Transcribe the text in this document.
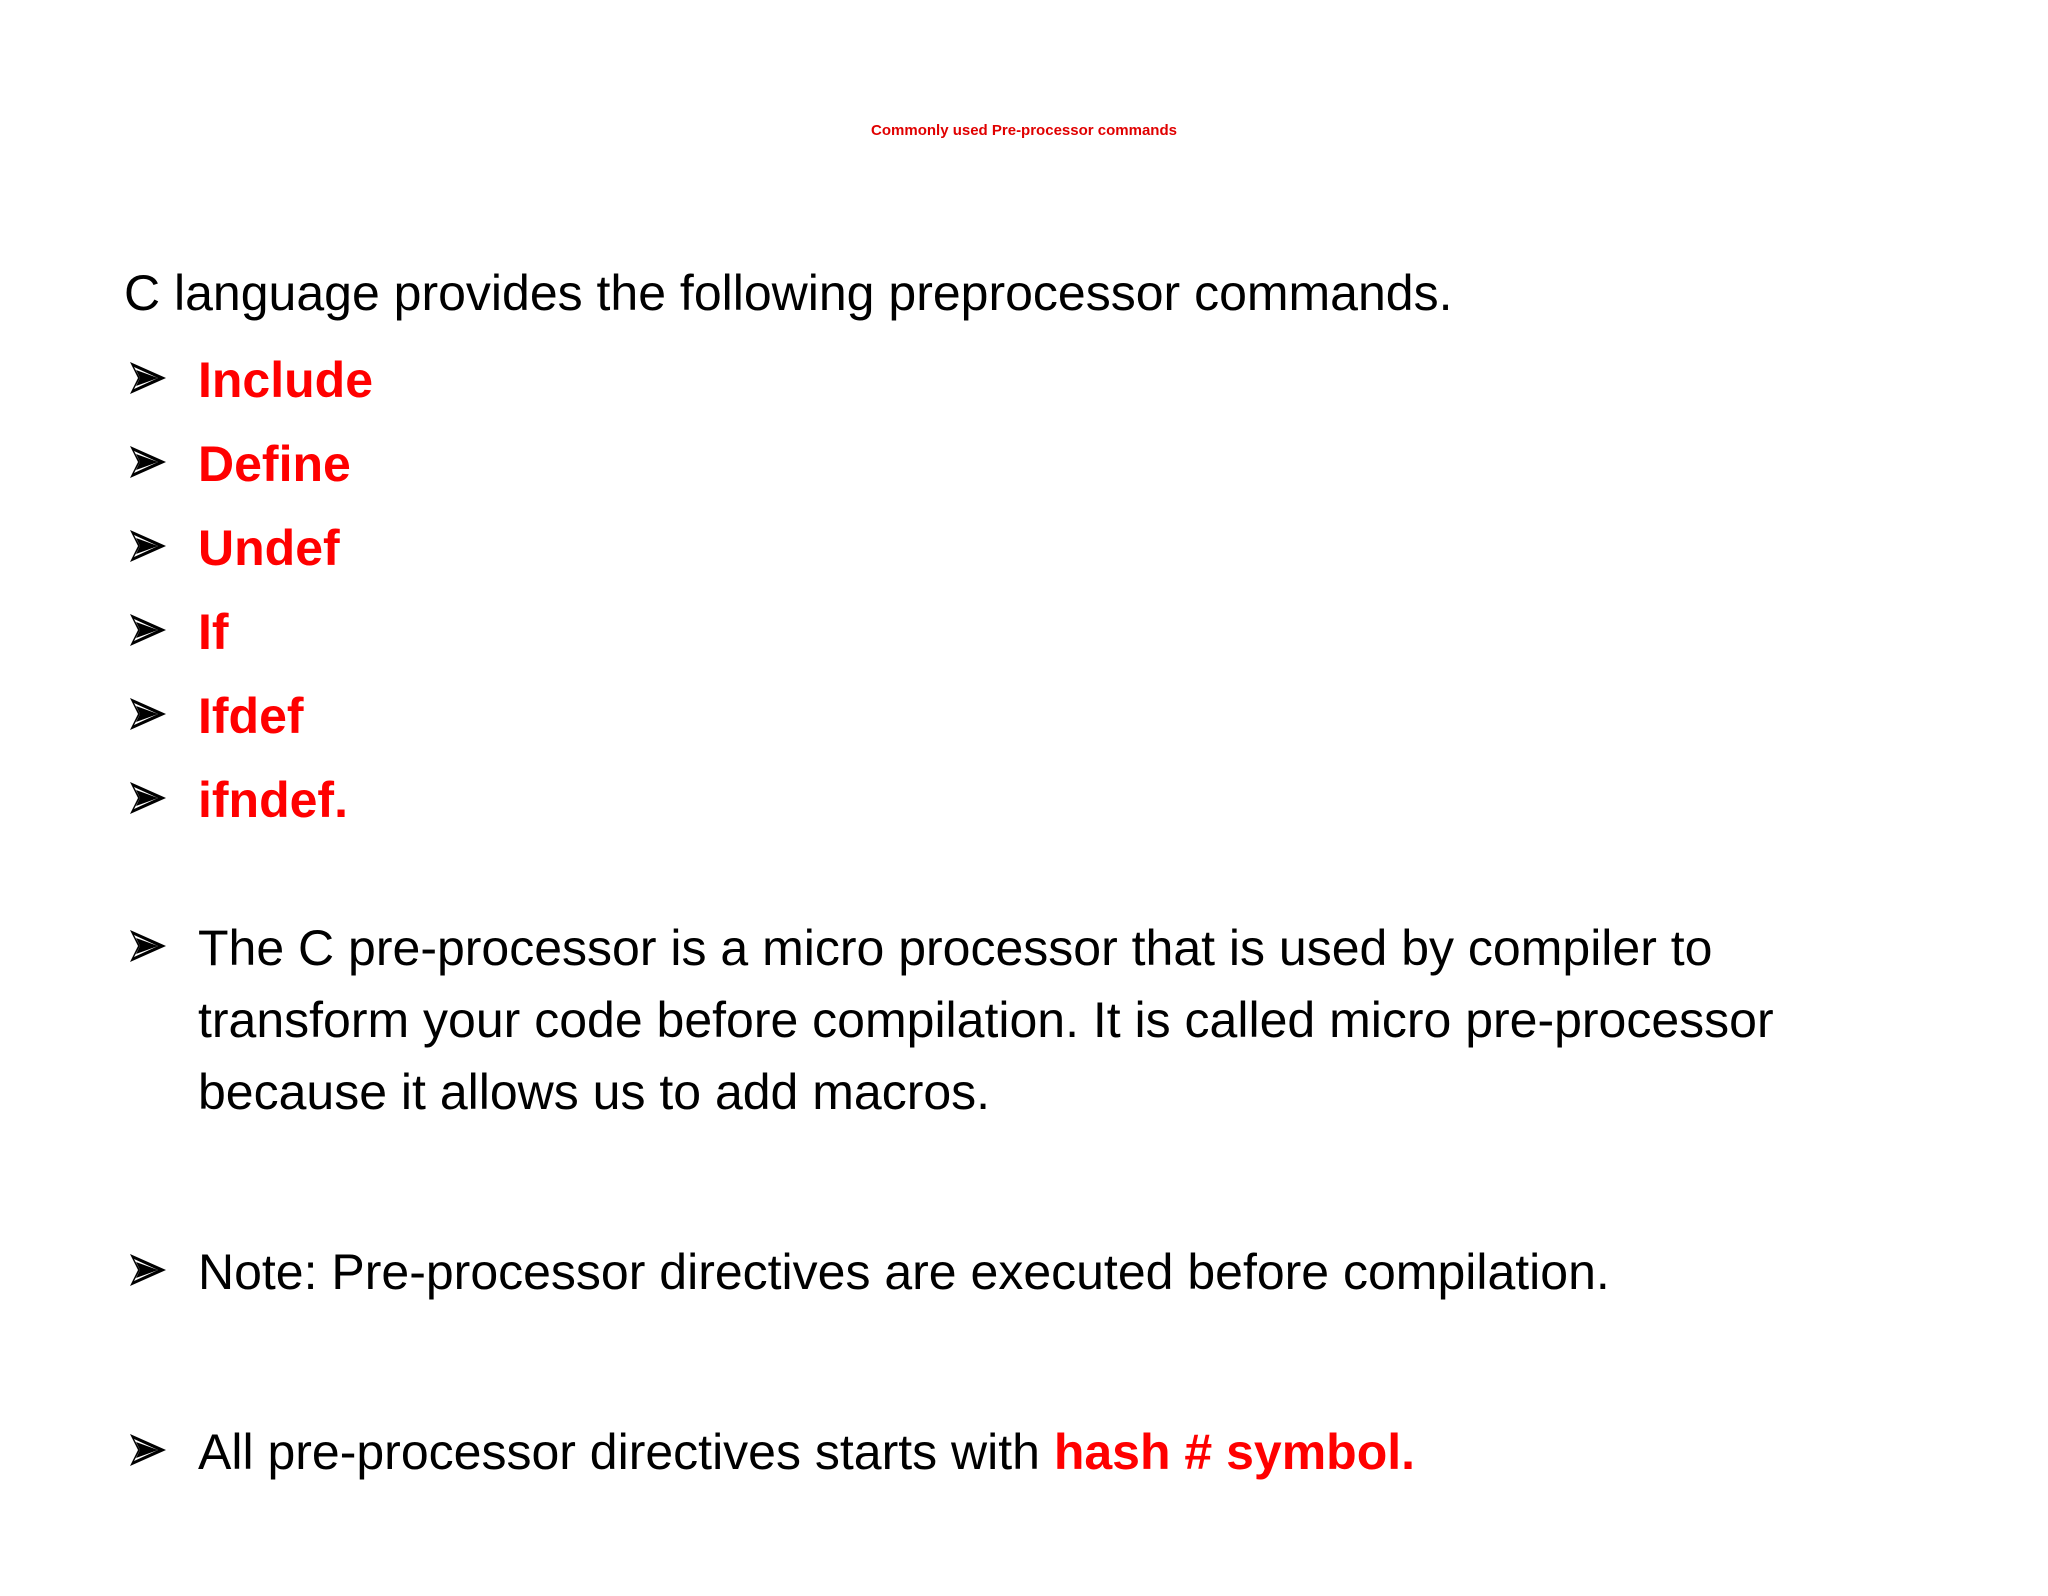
Commonly used Pre-processor commands

C language provides the following preprocessor commands.

Include
Define
Undef
If
Ifdef
ifndef.
The C pre-processor is a micro processor that is used by compiler to transform your code before compilation. It is called micro pre-processor because it allows us to add macros.
Note: Pre-processor directives are executed before compilation.
All pre-processor directives starts with hash # symbol.
